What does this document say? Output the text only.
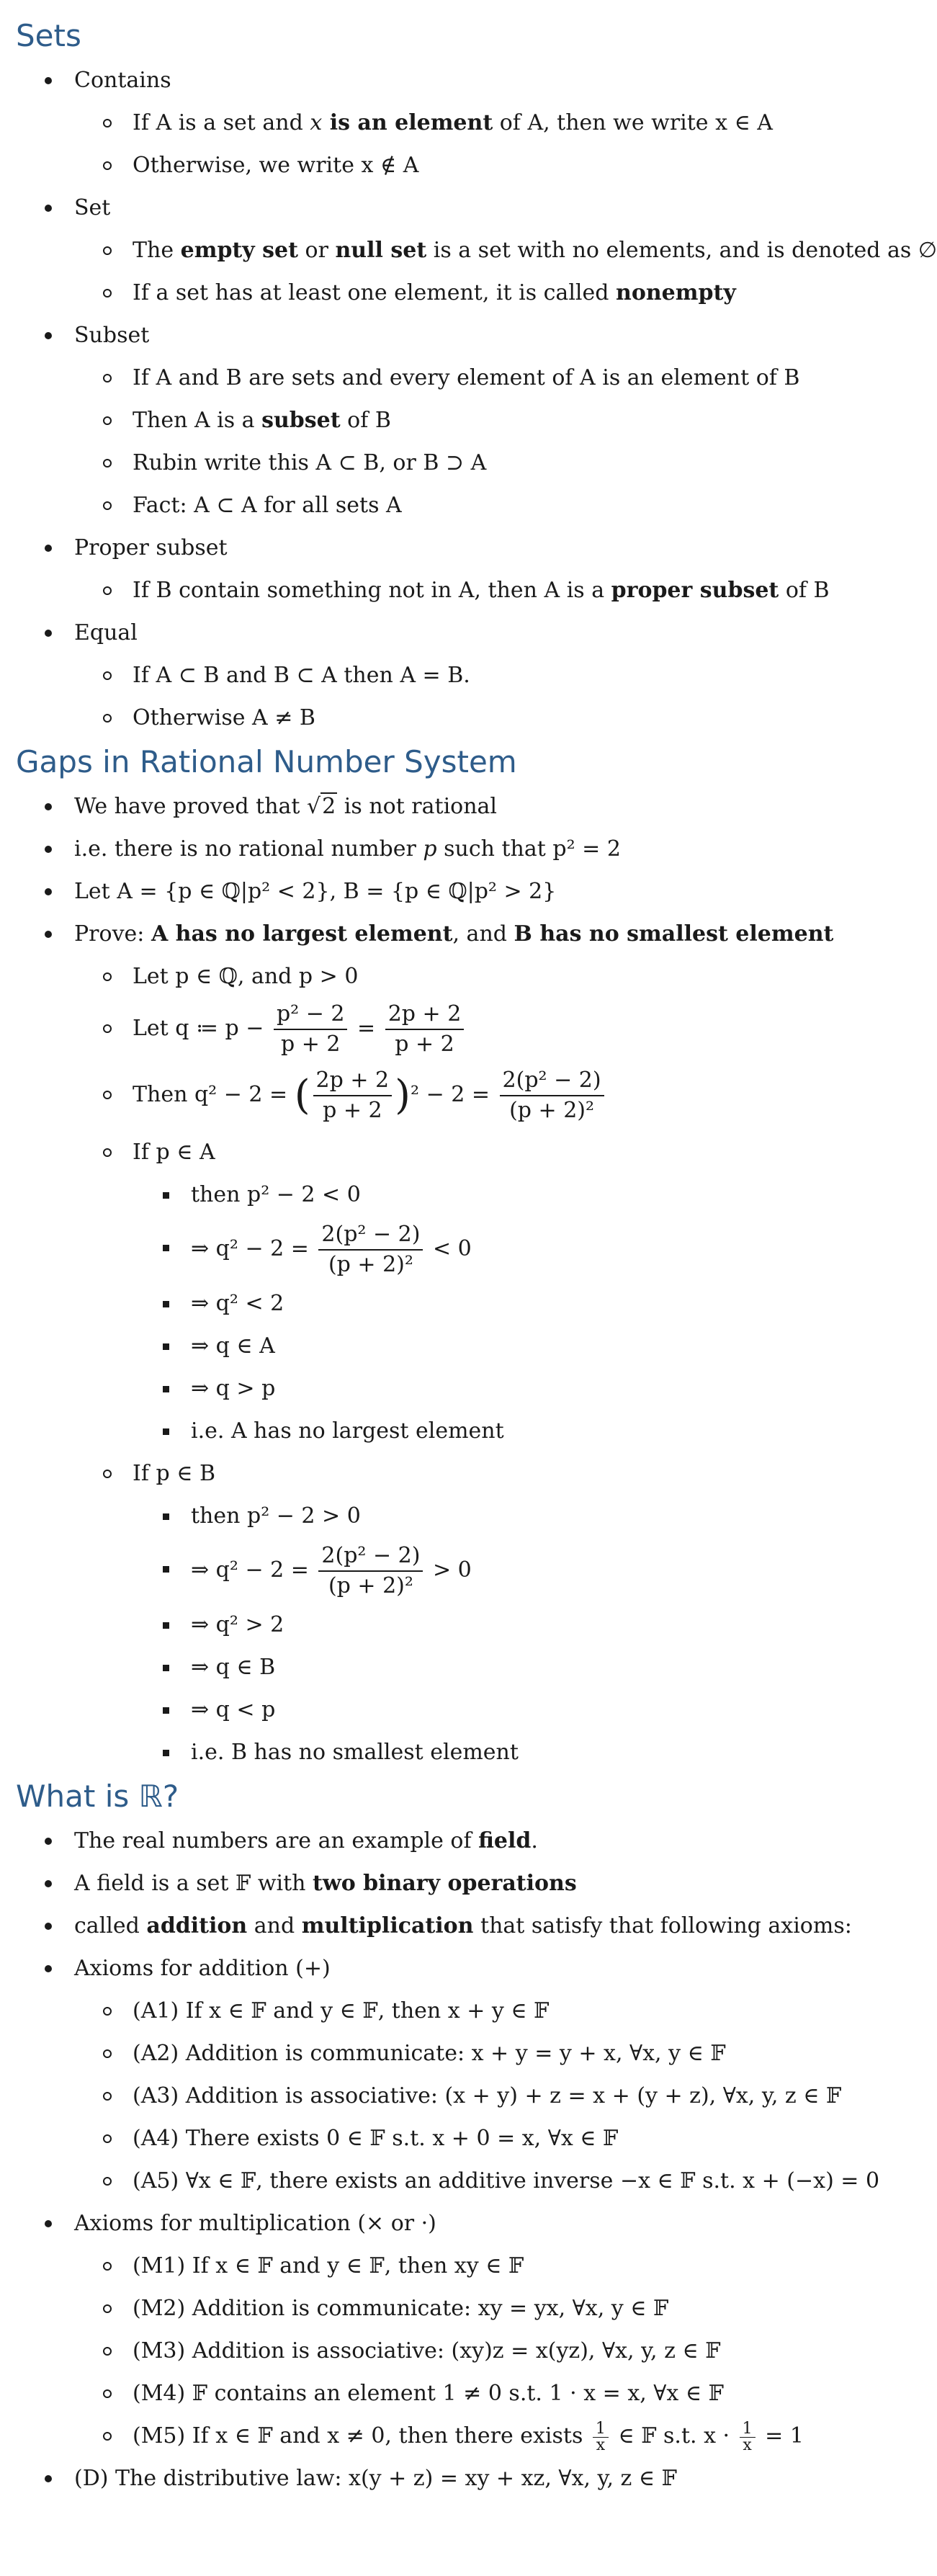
Sets
Contains
If A is a set and x is an element of A, then we write x ∈ A
Otherwise, we write x ∉ A
Set
The empty set or null set is a set with no elements, and is denoted as ∅
If a set has at least one element, it is called nonempty
Subset
If A and B are sets and every element of A is an element of B
Then A is a subset of B
Rubin write this A ⊂ B, or B ⊃ A
Fact: A ⊂ A for all sets A
Proper subset
If B contain something not in A, then A is a proper subset of B
Equal
If A ⊂ B and B ⊂ A then A = B.
Otherwise A ≠ B
Gaps in Rational Number System
We have proved that √2 is not rational
i.e. there is no rational number p such that p² = 2
Let A = {p ∈ ℚ|p² < 2}, B = {p ∈ ℚ|p² > 2}
Prove: A has no largest element, and B has no smallest element
Let p ∈ ℚ, and p > 0
Let q ≔ $p - \frac{\text{p² − 2}}{p + 2} = \frac{2p + 2}{p + 2}$
Then q² − 2 = ( $\frac{2p + 2}{p + 2} )^2 - 2 = \frac{\text{2(p² − 2)}}{\text{(p + 2)²}}$
If p ∈ A
then p² − 2 < 0
⇒ $q^2 - 2 = \frac{\text{2(p² − 2)}}{\text{(p + 2)²}} < 0$
⇒ q² < 2
⇒ q ∈ A
⇒ q > p
i.e. A has no largest element
If p ∈ B
then p² − 2 > 0
⇒ $q^2 - 2 = \frac{\text{2(p² − 2)}}{\text{(p + 2)²}} > 0$
⇒ q² > 2
⇒ q ∈ B
⇒ q < p
i.e. B has no smallest element
What is ℝ?
The real numbers are an example of field.
A field is a set 𝔽 with two binary operations
called addition and multiplication that satisfy that following axioms:
Axioms for addition (+)
(A1) If x ∈ 𝔽 and y ∈ 𝔽, then x + y ∈ 𝔽
(A2) Addition is communicate: x + y = y + x, ∀x, y ∈ 𝔽
(A3) Addition is associative: (x + y) + z = x + (y + z), ∀x, y, z ∈ 𝔽
(A4) There exists 0 ∈ 𝔽 s.t. x + 0 = x, ∀x ∈ 𝔽
(A5) ∀x ∈ 𝔽, there exists an additive inverse −x ∈ 𝔽 s.t. x + (−x) = 0
Axioms for multiplication (× or ·)
(M1) If x ∈ 𝔽 and y ∈ 𝔽, then xy ∈ 𝔽
(M2) Addition is communicate: xy = yx, ∀x, y ∈ 𝔽
(M3) Addition is associative: (xy)z = x(yz), ∀x, y, z ∈ 𝔽
(M4) 𝔽 contains an element 1 ≠ 0 s.t. 1 · x = x, ∀x ∈ 𝔽
(M5) If x ∈ 𝔽 and x ≠ 0, then there exists $\frac{1}{x}$ ∈ 𝔽 s.t. $x \cdot \frac{1}{x} = 1$
(D) The distributive law: x(y + z) = xy + xz, ∀x, y, z ∈ 𝔽
